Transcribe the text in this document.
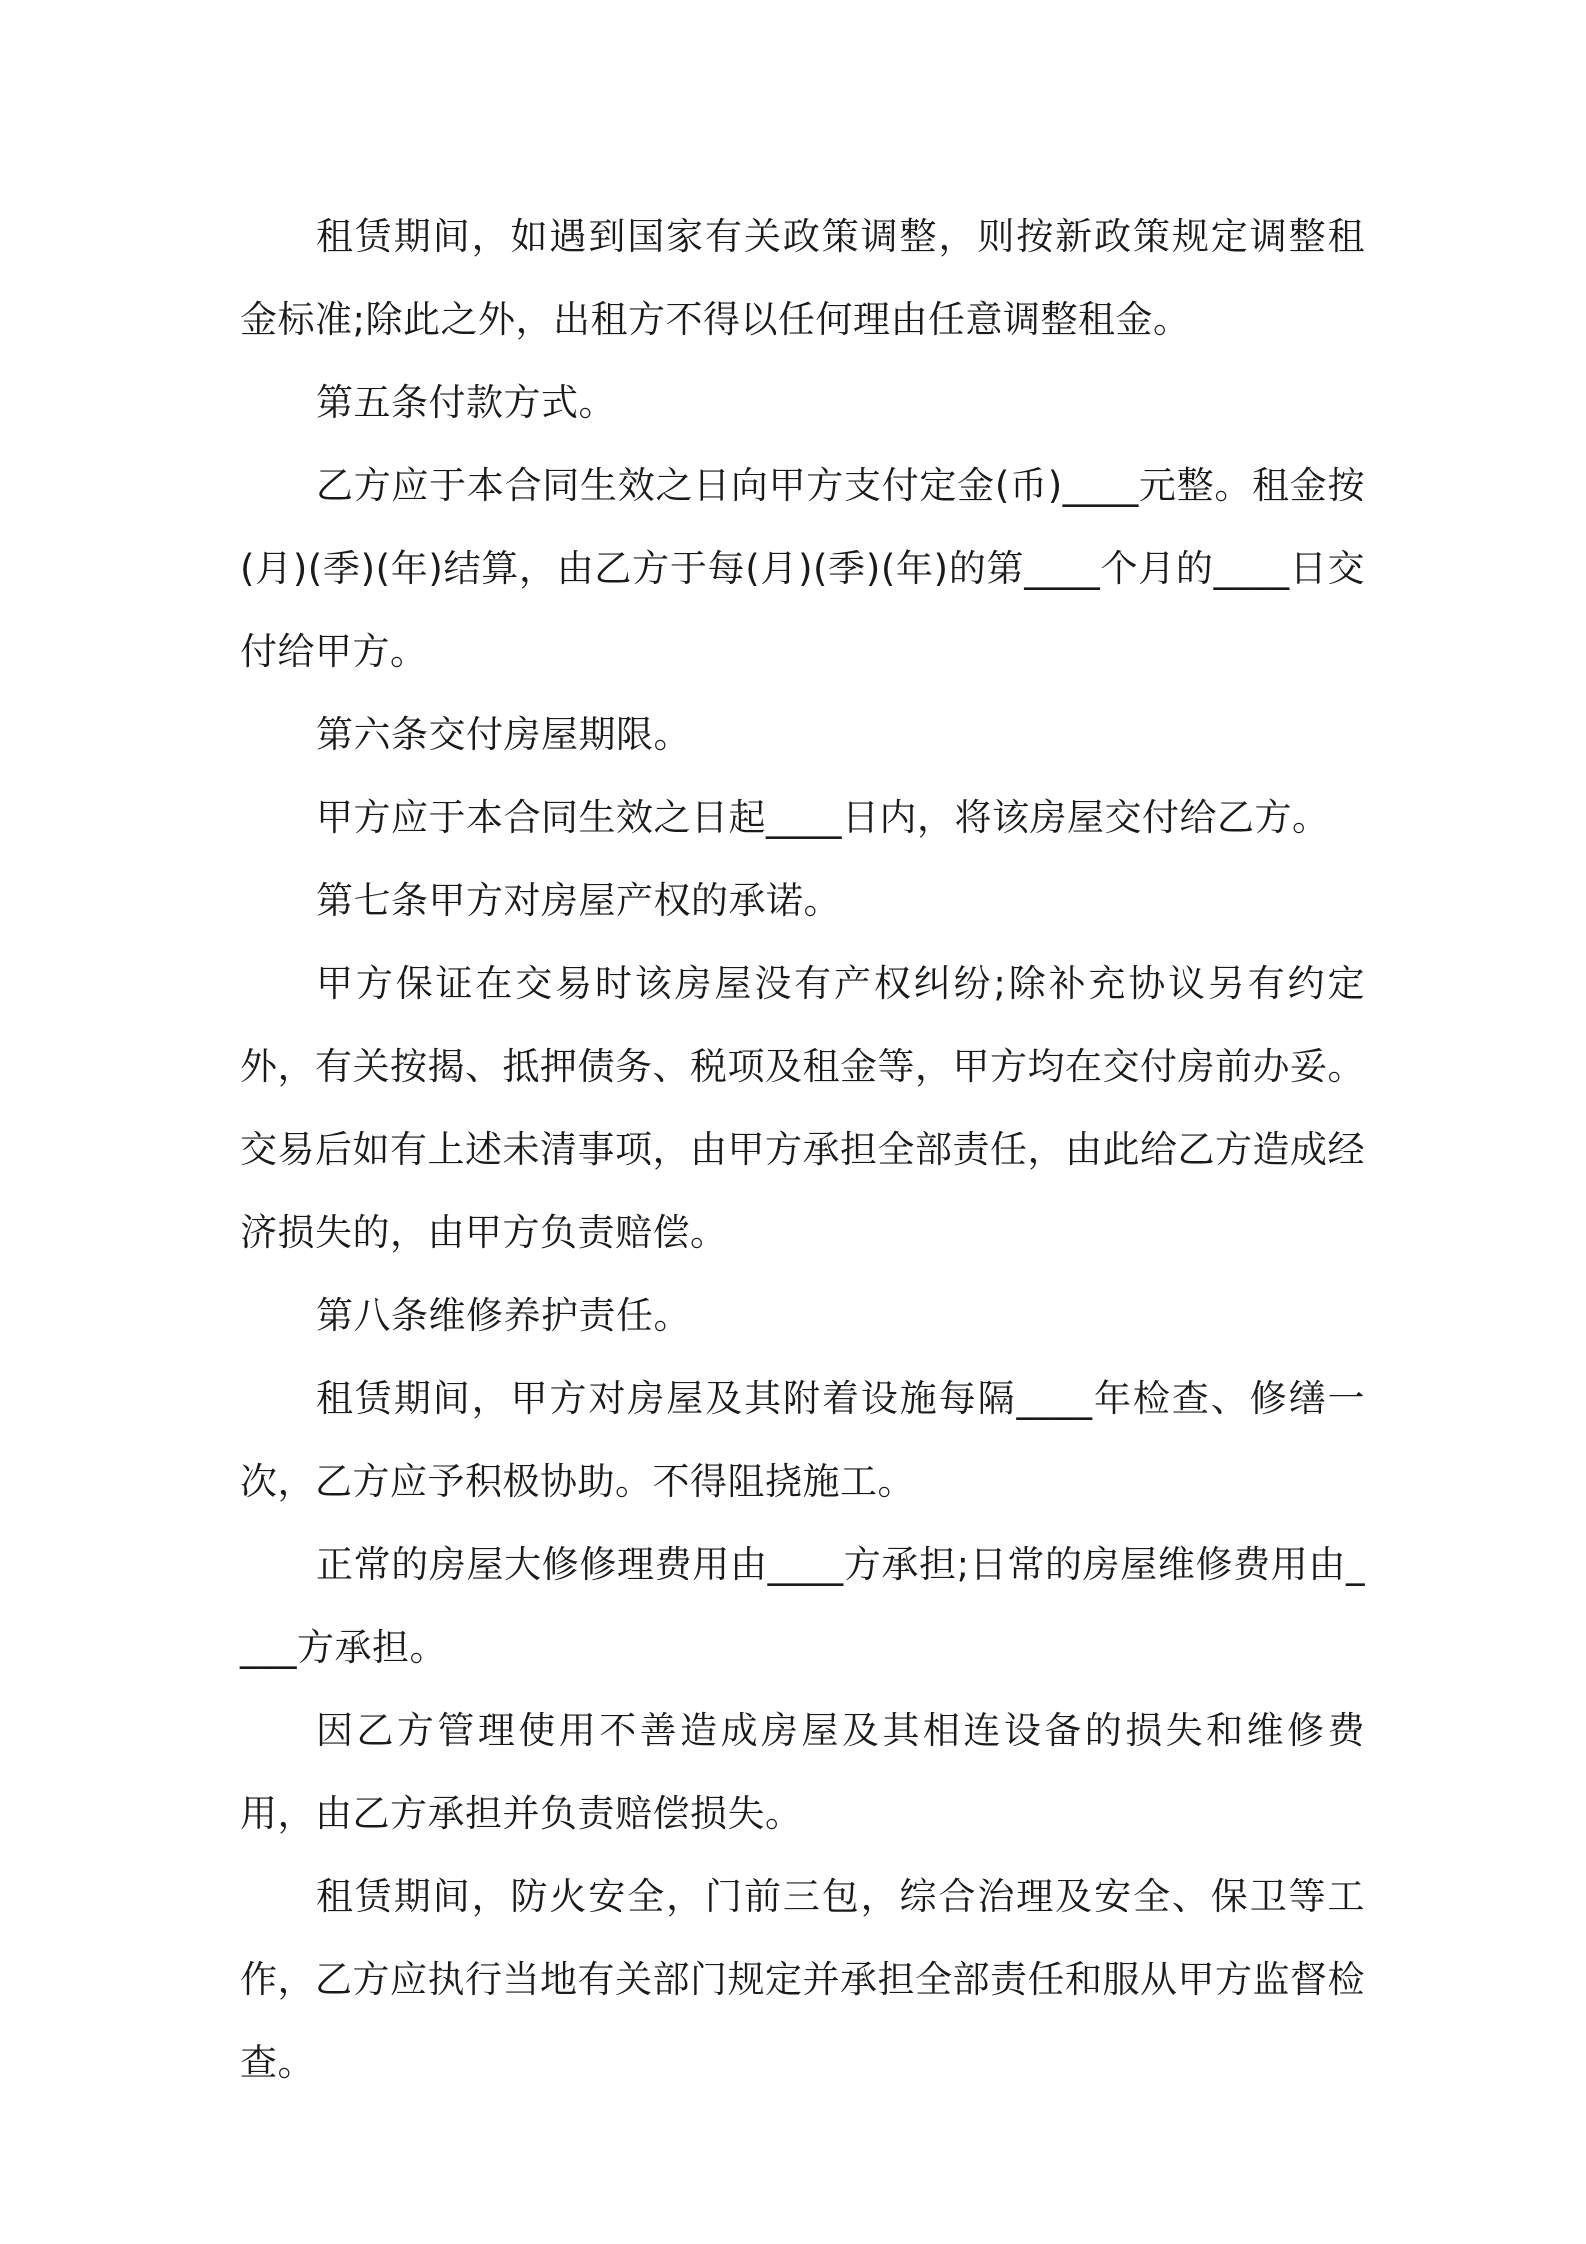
租赁期间，如遇到国家有关政策调整，则按新政策规定调整租金标准;除此之外，出租方不得以任何理由任意调整租金。

第五条付款方式。

乙方应于本合同生效之日向甲方支付定金(币)____元整。租金按(月)(季)(年)结算，由乙方于每(月)(季)(年)的第____个月的____日交付给甲方。

第六条交付房屋期限。

甲方应于本合同生效之日起____日内，将该房屋交付给乙方。

第七条甲方对房屋产权的承诺。

甲方保证在交易时该房屋没有产权纠纷;除补充协议另有约定外，有关按揭、抵押债务、税项及租金等，甲方均在交付房前办妥。交易后如有上述未清事项，由甲方承担全部责任，由此给乙方造成经济损失的，由甲方负责赔偿。

第八条维修养护责任。

租赁期间，甲方对房屋及其附着设施每隔____年检查、修缮一次，乙方应予积极协助。不得阻挠施工。

正常的房屋大修修理费用由____方承担;日常的房屋维修费用由____方承担。

因乙方管理使用不善造成房屋及其相连设备的损失和维修费用，由乙方承担并负责赔偿损失。

租赁期间，防火安全，门前三包，综合治理及安全、保卫等工作，乙方应执行当地有关部门规定并承担全部责任和服从甲方监督检查。
